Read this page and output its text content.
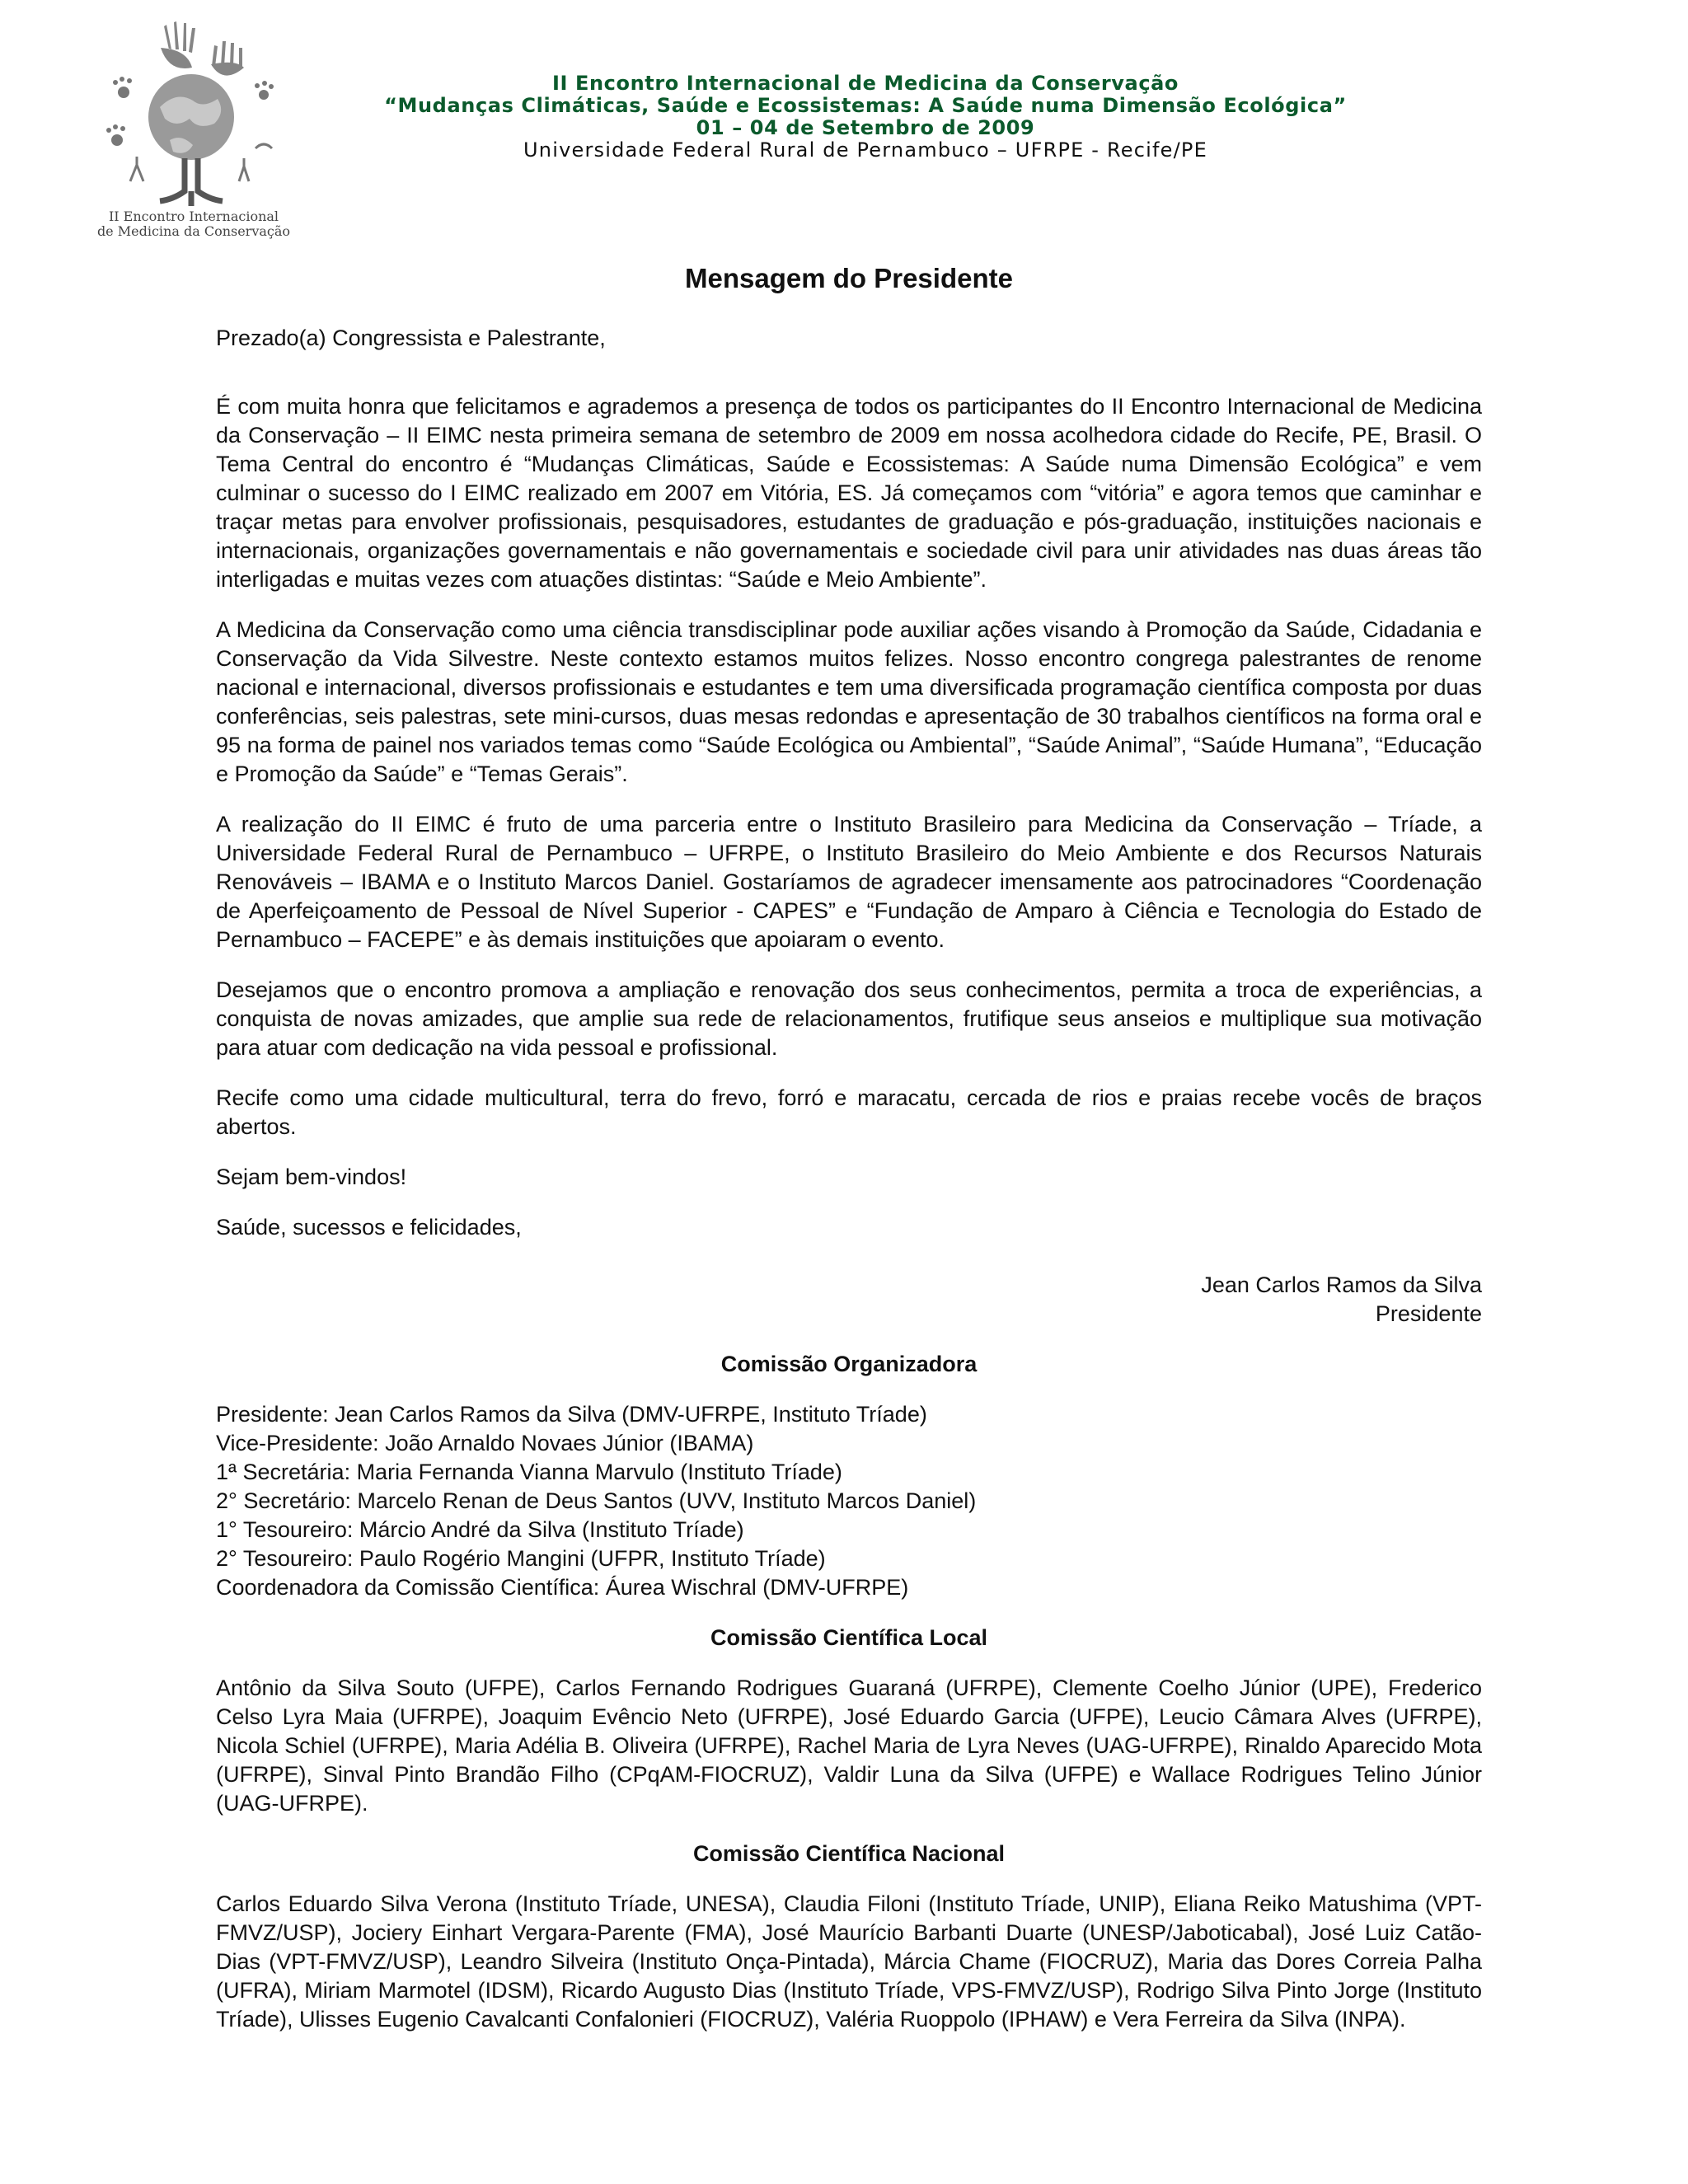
II Encontro Internacional
de Medicina da Conservação
II Encontro Internacional de Medicina da Conservação
“Mudanças Climáticas, Saúde e Ecossistemas: A Saúde numa Dimensão Ecológica”
01 – 04 de Setembro de 2009
Universidade Federal Rural de Pernambuco – UFRPE - Recife/PE

Mensagem do Presidente

Prezado(a) Congressista e Palestrante,

É com muita honra que felicitamos e agrademos a presença de todos os participantes do II Encontro Internacional de Medicina da Conservação – II EIMC nesta primeira semana de setembro de 2009 em nossa acolhedora cidade do Recife, PE, Brasil. O Tema Central do encontro é “Mudanças Climáticas, Saúde e Ecossistemas: A Saúde numa Dimensão Ecológica” e vem culminar o sucesso do I EIMC realizado em 2007 em Vitória, ES. Já começamos com “vitória” e agora temos que caminhar e traçar metas para envolver profissionais, pesquisadores, estudantes de graduação e pós-graduação, instituições nacionais e internacionais, organizações governamentais e não governamentais e sociedade civil para unir atividades nas duas áreas tão interligadas e muitas vezes com atuações distintas: “Saúde e Meio Ambiente”.

A Medicina da Conservação como uma ciência transdisciplinar pode auxiliar ações visando à Promoção da Saúde, Cidadania e Conservação da Vida Silvestre. Neste contexto estamos muitos felizes. Nosso encontro congrega palestrantes de renome nacional e internacional, diversos profissionais e estudantes e tem uma diversificada programação científica composta por duas conferências, seis palestras, sete mini-cursos, duas mesas redondas e apresentação de 30 trabalhos científicos na forma oral e 95 na forma de painel nos variados temas como “Saúde Ecológica ou Ambiental”, “Saúde Animal”, “Saúde Humana”, “Educação e Promoção da Saúde” e “Temas Gerais”.

A realização do II EIMC é fruto de uma parceria entre o Instituto Brasileiro para Medicina da Conservação – Tríade, a Universidade Federal Rural de Pernambuco – UFRPE, o Instituto Brasileiro do Meio Ambiente e dos Recursos Naturais Renováveis – IBAMA e o Instituto Marcos Daniel. Gostaríamos de agradecer imensamente aos patrocinadores “Coordenação de Aperfeiçoamento de Pessoal de Nível Superior - CAPES” e “Fundação de Amparo à Ciência e Tecnologia do Estado de Pernambuco – FACEPE” e às demais instituições que apoiaram o evento.

Desejamos que o encontro promova a ampliação e renovação dos seus conhecimentos, permita a troca de experiências, a conquista de novas amizades, que amplie sua rede de relacionamentos, frutifique seus anseios e multiplique sua motivação para atuar com dedicação na vida pessoal e profissional.

Recife como uma cidade multicultural, terra do frevo, forró e maracatu, cercada de rios e praias recebe vocês de braços abertos.

Sejam bem-vindos!

Saúde, sucessos e felicidades,

Jean Carlos Ramos da Silva

Presidente

Comissão Organizadora

Presidente: Jean Carlos Ramos da Silva (DMV-UFRPE, Instituto Tríade)
Vice-Presidente: João Arnaldo Novaes Júnior (IBAMA)
1ª Secretária: Maria Fernanda Vianna Marvulo (Instituto Tríade)
2° Secretário: Marcelo Renan de Deus Santos (UVV, Instituto Marcos Daniel)
1° Tesoureiro: Márcio André da Silva (Instituto Tríade)
2° Tesoureiro: Paulo Rogério Mangini (UFPR, Instituto Tríade)
Coordenadora da Comissão Científica: Áurea Wischral (DMV-UFRPE)

Comissão Científica Local

Antônio da Silva Souto (UFPE), Carlos Fernando Rodrigues Guaraná (UFRPE), Clemente Coelho Júnior (UPE), Frederico Celso Lyra Maia (UFRPE), Joaquim Evêncio Neto (UFRPE), José Eduardo Garcia (UFPE), Leucio Câmara Alves (UFRPE), Nicola Schiel (UFRPE), Maria Adélia B. Oliveira (UFRPE), Rachel Maria de Lyra Neves (UAG-UFRPE), Rinaldo Aparecido Mota (UFRPE), Sinval Pinto Brandão Filho (CPqAM-FIOCRUZ), Valdir Luna da Silva (UFPE) e Wallace Rodrigues Telino Júnior (UAG-UFRPE).

Comissão Científica Nacional

Carlos Eduardo Silva Verona (Instituto Tríade, UNESA), Claudia Filoni (Instituto Tríade, UNIP), Eliana Reiko Matushima (VPT-FMVZ/USP), Jociery Einhart Vergara-Parente (FMA), José Maurício Barbanti Duarte (UNESP/Jaboticabal), José Luiz Catão-Dias (VPT-FMVZ/USP), Leandro Silveira (Instituto Onça-Pintada), Márcia Chame (FIOCRUZ), Maria das Dores Correia Palha (UFRA), Miriam Marmotel (IDSM), Ricardo Augusto Dias (Instituto Tríade, VPS-FMVZ/USP), Rodrigo Silva Pinto Jorge (Instituto Tríade), Ulisses Eugenio Cavalcanti Confalonieri (FIOCRUZ), Valéria Ruoppolo (IPHAW) e Vera Ferreira da Silva (INPA).
